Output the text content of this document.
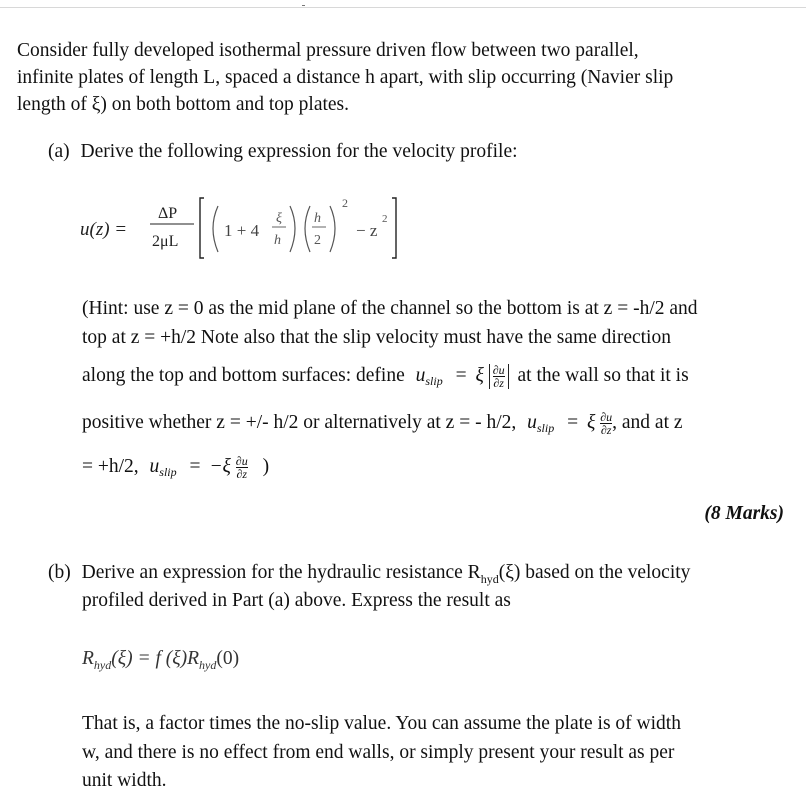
Consider fully developed isothermal pressure driven flow between two parallel,
infinite plates of length L, spaced a distance h apart, with slip occurring (Navier slip
length of ξ) on both bottom and top plates.
(a) Derive the following expression for the velocity profile:
u(z) =
ΔP
2μL
1 + 4
ξ
h
h
2
2
− z
2
(Hint: use z = 0 as the mid plane of the channel so the bottom is at z = -h/2 and
top at z = +h/2 Note also that the slip velocity must have the same direction
along the top and bottom surfaces: define $u_{slip} = \xi \frac{\partial u}{\partial z}$ at the wall so that it is
positive whether z = +/- h/2 or alternatively at z = - h/2, $u_{slip} = \xi \frac{\partial u}{\partial z}$ , and at z
= +h/2, $u_{slip} = -\xi \frac{\partial u}{\partial z}$ )
(8 Marks)
(b) Derive an expression for the hydraulic resistance $R_{hyd}(\xi)$ based on the velocity
profiled derived in Part (a) above. Express the result as
$R_{hyd}(\xi) = f$ $(\xi)R_{hyd}(0)$
That is, a factor times the no-slip value. You can assume the plate is of width
w, and there is no effect from end walls, or simply present your result as per
unit width.
